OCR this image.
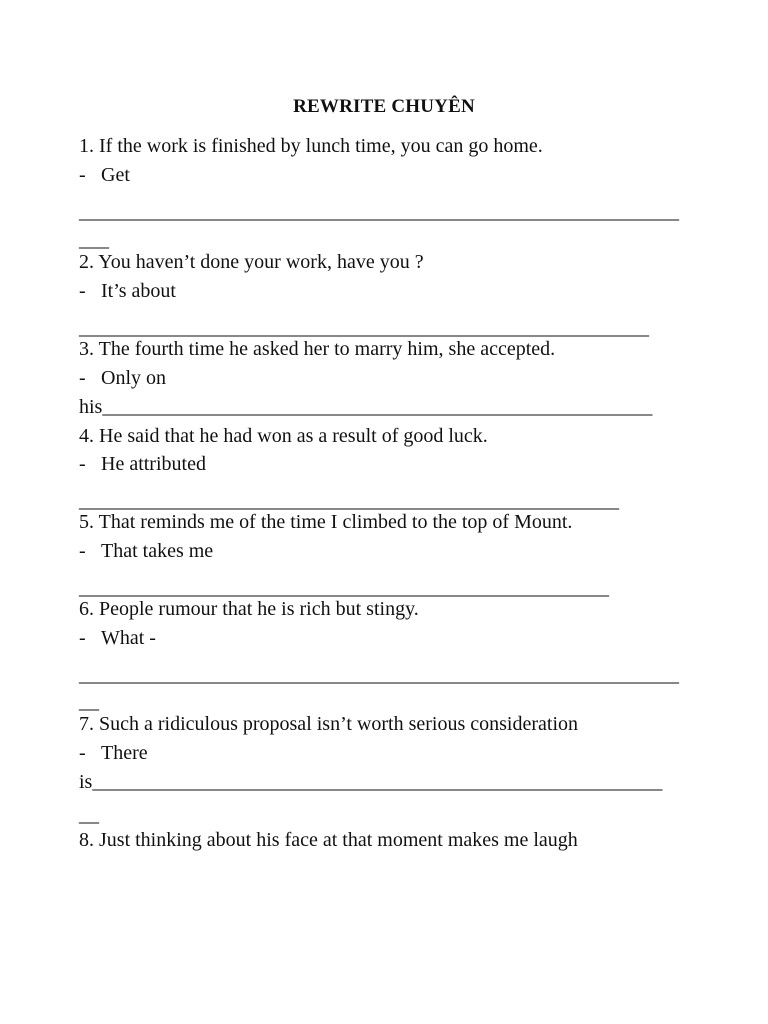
REWRITE CHUYÊN
1. If the work is finished by lunch time, you can go home.
- Get
____________________________________________________________
___
2. You haven’t done your work, have you ?
- It’s about
_________________________________________________________
3. The fourth time he asked her to marry him, she accepted.
- Only on
his_______________________________________________________
4. He said that he had won as a result of good luck.
- He attributed
______________________________________________________
5. That reminds me of the time I climbed to the top of Mount.
- That takes me
_____________________________________________________
6. People rumour that he is rich but stingy.
- What -
____________________________________________________________
__
7. Such a ridiculous proposal isn’t worth serious consideration
- There
is_________________________________________________________
__
8. Just thinking about his face at that moment makes me laugh
